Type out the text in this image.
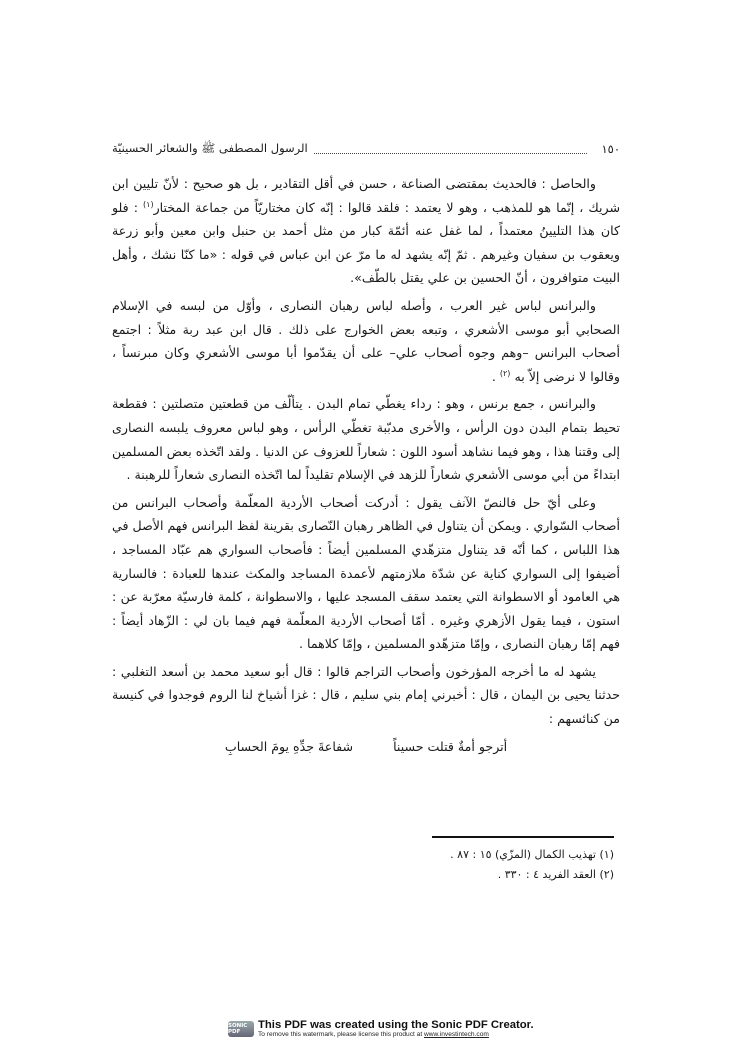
١٥٠
الرسول المصطفى ﷺ والشعائر الحسينيّة

والحاصل : فالحديث بمقتضى الصناعة ، حسن في أقل التقادير ، بل هو صحيح : لأنّ تليين ابن شريك ، إنّما هو للمذهب ، وهو لا يعتمد : فلقد قالوا : إنّه كان مختاريّاً من جماعة المختار$^{(١)}$ : فلو كان هذا التليينُ معتمداً ، لما غفل عنه أئمّة كبار من مثل أحمد بن حنبل وابن معين وأبو زرعة ويعقوب بن سفيان وغيرهم . ثمّ إنّه يشهد له ما مرّ عن ابن عباس في قوله : «ما كنّا نشك ، وأهل البيت متوافرون ، أنّ الحسين بن علي يقتل بالطّف».

والبرانس لباس غير العرب ، وأصله لباس رهبان النصارى ، وأوّل من لبسه في الإسلام الصحابي أبو موسى الأشعري ، وتبعه بعض الخوارج على ذلك . قال ابن عبد ربة مثلاً : اجتمع أصحاب البرانس –وهم وجوه أصحاب علي– على أن يقدّموا أبا موسى الأشعري وكان مبرنساً ، وقالوا لا نرضى إلاّ به $^{(٢)}$ .

والبرانس ، جمع برنس ، وهو : رداء يغطّي تمام البدن . يتألّف من قطعتين متصلتين : فقطعة تحيط بتمام البدن دون الرأس ، والأخرى مدبّبة تغطّي الرأس ، وهو لباس معروف يلبسه النصارى إلى وقتنا هذا ، وهو فيما نشاهد أسود اللون : شعاراً للعزوف عن الدنيا . ولقد اتّخذه بعض المسلمين ابتداءً من أبي موسى الأشعري شعاراً للزهد في الإسلام تقليداً لما اتّخذه النصارى شعاراً للرهبنة .

وعلى أيّ حل فالنصّ الآنف يقول : أدركت أصحاب الأردية المعلّمة وأصحاب البرانس من أصحاب السّواري . ويمكن أن يتناول في الظاهر رهبان النّصارى بقرينة لفظ البرانس فهم الأصل في هذا اللباس ، كما أنّه قد يتناول متزهّدي المسلمين أيضاً : فأصحاب السواري هم عبّاد المساجد ، أضيفوا إلى السواري كناية عن شدّة ملازمتهم لأعمدة المساجد والمكث عندها للعبادة : فالسارية هي العامود أو الاسطوانة التي يعتمد سقف المسجد عليها ، والاسطوانة ، كلمة فارسيّة معرّبة عن : استون ، فيما يقول الأزهري وغيره . أمّا أصحاب الأردية المعلّمة فهم فيما بان لي : الزّهاد أيضاً : فهم إمّا رهبان النصارى ، وإمّا متزهّدو المسلمين ، وإمّا كلاهما .

يشهد له ما أخرجه المؤرخون وأصحاب التراجم قالوا : قال أبو سعيد محمد بن أسعد التغلبي : حدثنا يحيى بن اليمان ، قال : أخبرني إمام بني سليم ، قال : غزا أشياخ لنا الروم فوجدوا في كنيسة من كنائسهم :

أترجو أمةٌ قتلت حسيناً
شفاعةَ جدِّهِ يومَ الحسابِ
(١) تهذيب الكمال (المزّي) ١٥ : ٨٧ .
(٢) العقد الفريد ٤ : ٣٣٠ .
SONIC PDF
This PDF was created using the Sonic PDF Creator.
To remove this watermark, please license this product at www.investintech.com
